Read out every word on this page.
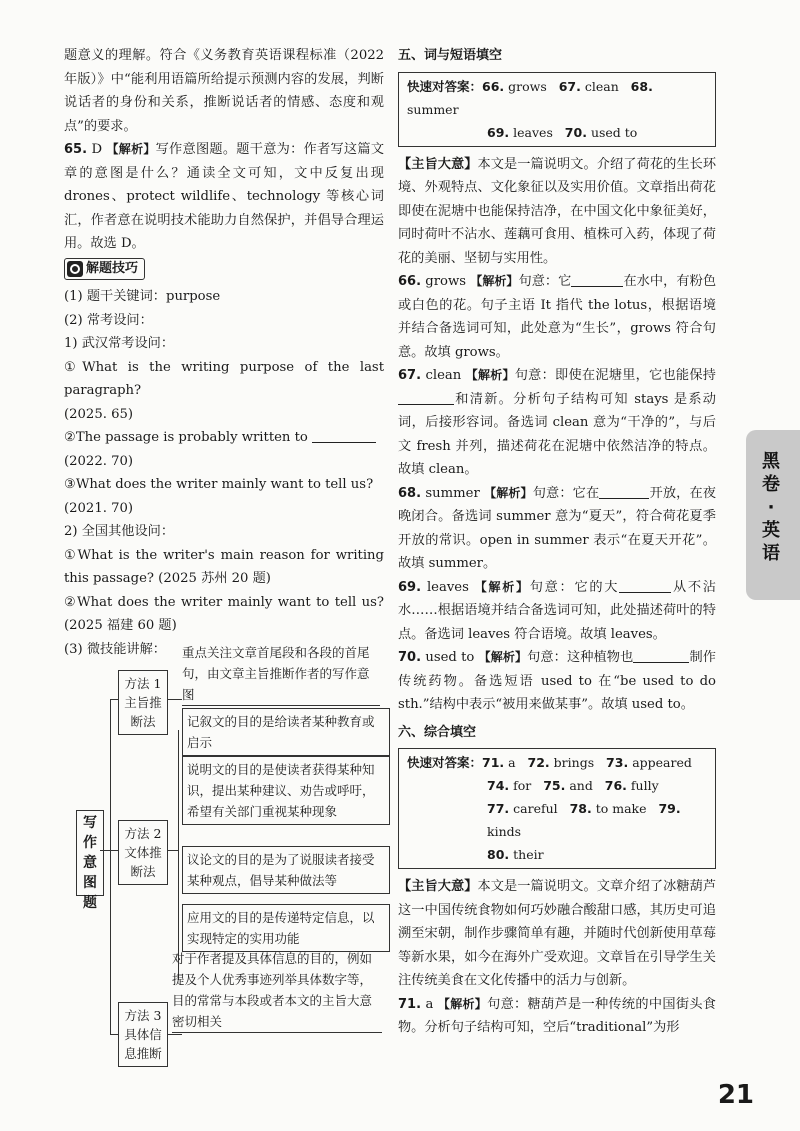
题意义的理解。符合《义务教育英语课程标准（2022 年版）》中“能利用语篇所给提示预测内容的发展，判断说话者的身份和关系，推断说话者的情感、态度和观点”的要求。

65. D 【解析】写作意图题。题干意为：作者写这篇文章的意图是什么？通读全文可知，文中反复出现 drones、protect wildlife、technology 等核心词汇，作者意在说明技术能助力自然保护，并倡导合理运用。故选 D。

解题技巧

(1) 题干关键词：purpose

(2) 常考设问：

1) 武汉常考设问：

①What is the writing purpose of the last paragraph?

(2025. 65)

②The passage is probably written to

(2022. 70)

③What does the writer mainly want to tell us?

(2021. 70)

2) 全国其他设问：

①What is the writer's main reason for writing this passage? (2025 苏州 20 题)

②What does the writer mainly want to tell us? (2025 福建 60 题)

(3) 微技能讲解：

写作意图题
方法 1 主旨推断法
重点关注文章首尾段和各段的首尾句，由文章主旨推断作者的写作意图
方法 2 文体推断法
记叙文的目的是给读者某种教育或启示
说明文的目的是使读者获得某种知识，提出某种建议、劝告或呼吁，希望有关部门重视某种现象
议论文的目的是为了说服读者接受某种观点，倡导某种做法等
应用文的目的是传递特定信息，以实现特定的实用功能
方法 3 具体信息推断
对于作者提及具体信息的目的，例如提及个人优秀事迹列举具体数字等，目的常常与本段或者本文的主旨大意密切相关

五、词与短语填空

快速对答案：66. grows 67. clean 68. summer
69. leaves 70. used to

【主旨大意】本文是一篇说明文。介绍了荷花的生长环境、外观特点、文化象征以及实用价值。文章指出荷花即使在泥塘中也能保持洁净，在中国文化中象征美好，同时荷叶不沾水、莲藕可食用、植株可入药，体现了荷花的美丽、坚韧与实用性。

66. grows 【解析】句意：它	在水中，有粉色或白色的花。句子主语 It 指代 the lotus，根据语境并结合备选词可知，此处意为“生长”，grows 符合句意。故填 grows。

67. clean 【解析】句意：即使在泥塘里，它也能保持和清新。分析句子结构可知 stays 是系动词，后接形容词。备选词 clean 意为“干净的”，与后文 fresh 并列，描述荷花在泥塘中依然洁净的特点。故填 clean。

68. summer 【解析】句意：它在	开放，在夜晚闭合。备选词 summer 意为“夏天”，符合荷花夏季开放的常识。open in summer 表示“在夏天开花”。故填 summer。

69. leaves 【解析】句意：它的大	从不沾水……根据语境并结合备选词可知，此处描述荷叶的特点。备选词 leaves 符合语境。故填 leaves。

70. used to 【解析】句意：这种植物也	制作传统药物。备选短语 used to 在“be used to do sth.”结构中表示“被用来做某事”。故填 used to。

六、综合填空

快速对答案：71. a 72. brings 73. appeared
74. for 75. and 76. fully
77. careful 78. to make 79. kinds
80. their

【主旨大意】本文是一篇说明文。文章介绍了冰糖葫芦这一中国传统食物如何巧妙融合酸甜口感，其历史可追溯至宋朝，制作步骤简单有趣，并随时代创新使用草莓等新水果，如今在海外广受欢迎。文章旨在引导学生关注传统美食在文化传播中的活力与创新。

71. a 【解析】句意：糖葫芦是一种传统的中国街头食物。分析句子结构可知，空后“traditional”为形

黑卷·英语
21
